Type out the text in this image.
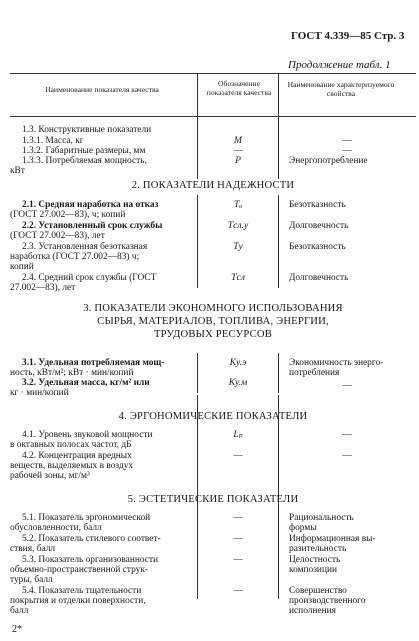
ГОСТ 4.339—85 Стр. 3
Продолжение табл. 1
Наименование показателя качества
Обозначение показателя качества
Наименование характеризуемого свойства
1.3. Конструктивные показатели
1.3.1. Масса, кг	M	—
1.3.2. Габаритные размеры, мм	—	—
1.3.3. Потребляемая мощность,
кВт
P	Энергопотребление
2. ПОКАЗАТЕЛИ НАДЕЖНОСТИ
2.1. Средняя наработка на отказ
(ГОСТ 27.002—83), ч; копий
Tₒ	Безотказность
2.2. Установленный срок службы
(ГОСТ 27.002—83), лет
Tсл.у	Долговечность
2.3. Установленная безотказная
наработка (ГОСТ 27.002—83) ч;
копий
Tу	Безотказность
2.4. Средний срок службы (ГОСТ
27.002—83), лет
Tсл	Долговечность
3. ПОКАЗАТЕЛИ ЭКОНОМНОГО ИСПОЛЬЗОВАНИЯ
СЫРЬЯ, МАТЕРИАЛОВ, ТОПЛИВА, ЭНЕРГИИ,
ТРУДОВЫХ РЕСУРСОВ
3.1. Удельная потребляемая мощ-
ность, кВт/м²; кВт · мин/копий
Kу.э	Экономичность энерго-
потребления
3.2. Удельная масса, кг/м² или
кг · мин/копий
Kу.м	—
4. ЭРГОНОМИЧЕСКИЕ ПОКАЗАТЕЛИ
4.1. Уровень звуковой мощности
в октавных полосах частот, дБ
Lₚ	—
4.2. Концентрация вредных
веществ, выделяемых в воздух
рабочей зоны, мг/м³
—	—
5. ЭСТЕТИЧЕСКИЕ ПОКАЗАТЕЛИ
5.1. Показатель эргономической
обусловленности, балл
—	Рациональность
формы
5.2. Показатель стилевого соответ-
ствия, балл
—	Информационная вы-
разительность
5.3. Показатель организованности
объемно-пространственной струк-
туры, балл
—	Целостность
композиции
5.4. Показатель тщательности
покрытия и отделки поверхности,
балл
—	Совершенство
производственного
исполнения
2*
